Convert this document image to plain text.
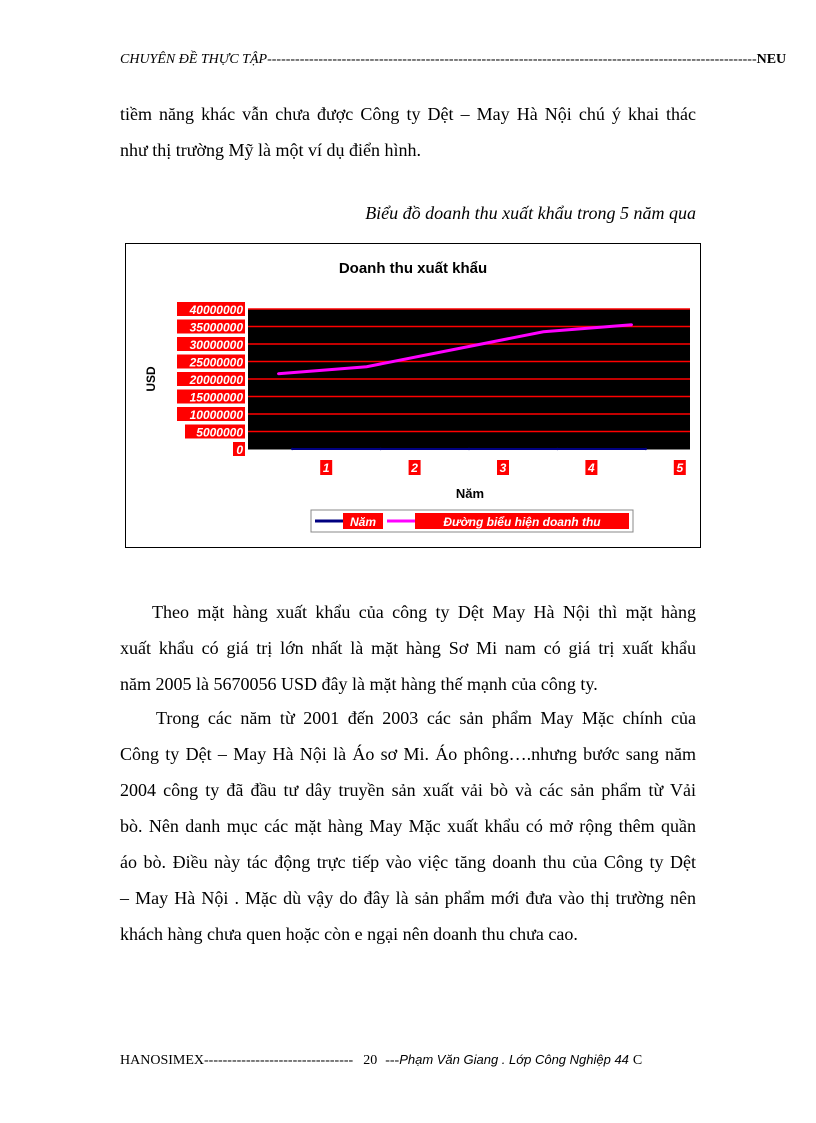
CHUYÊN ĐỀ THỰC TẬP --------------------------------------------------------------------------------------------------------- NEU

tiềm năng khác vẫn chưa được Công ty Dệt – May Hà Nội chú ý khai thác
như thị trường Mỹ là một ví dụ điển hình.

Biểu đồ doanh thu xuất khẩu trong 5 năm qua
Doanh thu xuất khẩu
0
5000000
10000000
15000000
20000000
25000000
30000000
35000000
40000000
USD
1	2	3	4	5
Năm
Năm	Đường biểu hiện doanh thu

Theo mặt hàng xuất khẩu của công ty Dệt May Hà Nội thì mặt hàng
xuất khẩu có giá trị lớn nhất là mặt hàng Sơ Mi nam có giá trị xuất khẩu
năm 2005 là 5670056 USD đây là mặt hàng thế mạnh của công ty.

Trong các năm từ 2001 đến 2003 các sản phẩm May Mặc chính của
Công ty Dệt – May Hà Nội là Áo sơ Mi. Áo phông….nhưng bước sang năm
2004 công ty đã đầu tư dây truyền sản xuất vải bò và các sản phẩm từ Vải
bò. Nên danh mục các mặt hàng May Mặc xuất khẩu có mở rộng thêm quần
áo bò. Điều này tác động trực tiếp vào việc tăng doanh thu của Công ty Dệt
– May Hà Nội . Mặc dù vậy do đây là sản phẩm mới đưa vào thị trường nên
khách hàng chưa quen hoặc còn e ngại nên doanh thu chưa cao.

HANOSIMEX -------------------------------- 20 --- Phạm Văn Giang . Lớp Công Nghiệp 44 C
